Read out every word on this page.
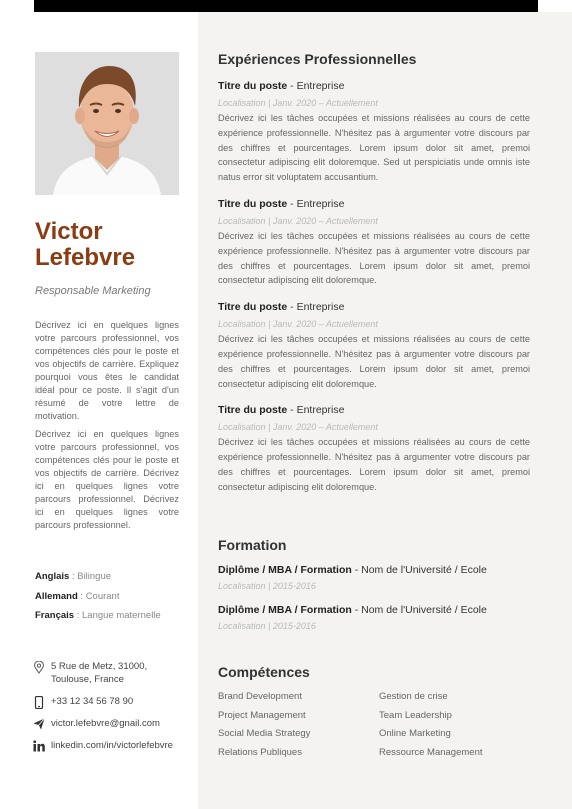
Victor
Lefebvre
Responsable Marketing

Décrivez ici en quelques lignes votre parcours professionnel, vos compétences clés pour le poste et vos objectifs de carrière. Expliquez pourquoi vous êtes le candidat idéal pour ce poste. Il s'agit d'un résumé de votre lettre de motivation.

Décrivez ici en quelques lignes votre parcours professionnel, vos compétences clés pour le poste et vos objectifs de carrière. Décrivez ici en quelques lignes votre parcours professionnel. Décrivez ici en quelques lignes votre parcours professionnel.

Anglais : Bilingue
Allemand : Courant
Français : Langue maternelle
5 Rue de Metz, 31000,
Toulouse, France
+33 12 34 56 78 90
victor.lefebvre@gnail.com
linkedin.com/in/victorlefebvre
Expériences Professionnelles
Titre du poste - Entreprise
Localisation | Janv. 2020 – Actuellement
Décrivez ici les tâches occupées et missions réalisées au cours de cette expérience professionnelle. N'hésitez pas à argumenter votre discours par des chiffres et pourcentages. Lorem ipsum dolor sit amet, premoi consectetur adipiscing elit doloremque. Sed ut perspiciatis unde omnis iste natus error sit voluptatem accusantium.
Titre du poste - Entreprise
Localisation | Janv. 2020 – Actuellement
Décrivez ici les tâches occupées et missions réalisées au cours de cette expérience professionnelle. N'hésitez pas à argumenter votre discours par des chiffres et pourcentages. Lorem ipsum dolor sit amet, premoi consectetur adipiscing elit doloremque.
Titre du poste - Entreprise
Localisation | Janv. 2020 – Actuellement
Décrivez ici les tâches occupées et missions réalisées au cours de cette expérience professionnelle. N'hésitez pas à argumenter votre discours par des chiffres et pourcentages. Lorem ipsum dolor sit amet, premoi consectetur adipiscing elit doloremque.
Titre du poste - Entreprise
Localisation | Janv. 2020 – Actuellement
Décrivez ici les tâches occupées et missions réalisées au cours de cette expérience professionnelle. N'hésitez pas à argumenter votre discours par des chiffres et pourcentages. Lorem ipsum dolor sit amet, premoi consectetur adipiscing elit doloremque.
Formation
Diplôme / MBA / Formation - Nom de l'Université / Ecole
Localisation | 2015-2016
Diplôme / MBA / Formation - Nom de l'Université / Ecole
Localisation | 2015-2016
Compétences
Brand Development	Gestion de crise
Project Management	Team Leadership
Social Media Strategy	Online Marketing
Relations Publiques	Ressource Management
